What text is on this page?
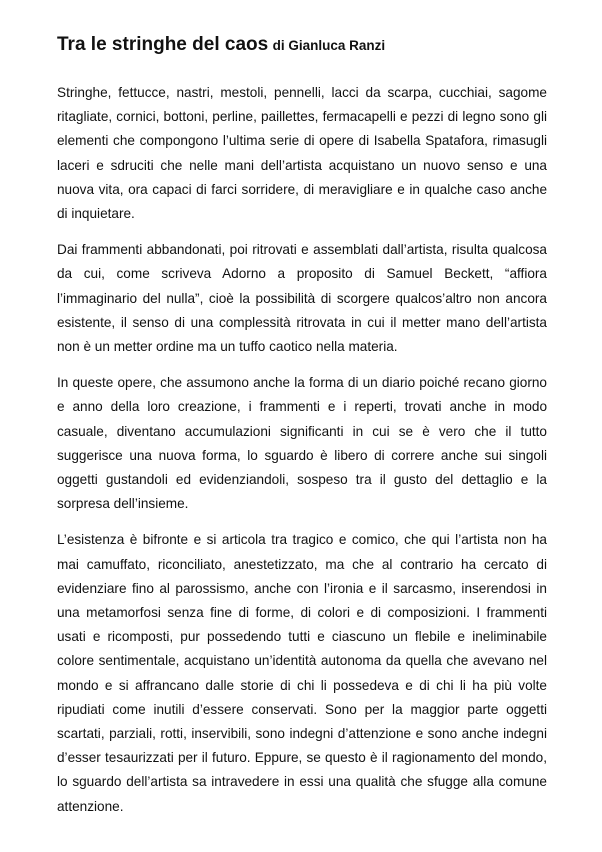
Tra le stringhe del caos di Gianluca Ranzi

Stringhe, fettucce, nastri, mestoli, pennelli, lacci da scarpa, cucchiai, sagome ritagliate, cornici, bottoni, perline, paillettes, fermacapelli e pezzi di legno sono gli elementi che compongono l’ultima serie di opere di Isabella Spatafora, rimasugli laceri e sdruciti che nelle mani dell’artista acquistano un nuovo senso e una nuova vita, ora capaci di farci sorridere, di meravigliare e in qualche caso anche di inquietare.

Dai frammenti abbandonati, poi ritrovati e assemblati dall’artista, risulta qualcosa da cui, come scriveva Adorno a proposito di Samuel Beckett, “affiora l’immaginario del nulla”, cioè la possibilità di scorgere qualcos’altro non ancora esistente, il senso di una complessità ritrovata in cui il metter mano dell’artista non è un metter ordine ma un tuffo caotico nella materia.

In queste opere, che assumono anche la forma di un diario poiché recano giorno e anno della loro creazione, i frammenti e i reperti, trovati anche in modo casuale, diventano accumulazioni significanti in cui se è vero che il tutto suggerisce una nuova forma, lo sguardo è libero di correre anche sui singoli oggetti gustandoli ed evidenziandoli, sospeso tra il gusto del dettaglio e la sorpresa dell’insieme.

L’esistenza è bifronte e si articola tra tragico e comico, che qui l’artista non ha mai camuffato, riconciliato, anestetizzato, ma che al contrario ha cercato di evidenziare fino al parossismo, anche con l’ironia e il sarcasmo, inserendosi in una metamorfosi senza fine di forme, di colori e di composizioni. I frammenti usati e ricomposti, pur possedendo tutti e ciascuno un flebile e ineliminabile colore sentimentale, acquistano un’identità autonoma da quella che avevano nel mondo e si affrancano dalle storie di chi li possedeva e di chi li ha più volte ripudiati come inutili d’essere conservati. Sono per la maggior parte oggetti scartati, parziali, rotti, inservibili, sono indegni d’attenzione e sono anche indegni d’esser tesaurizzati per il futuro. Eppure, se questo è il ragionamento del mondo, lo sguardo dell’artista sa intravedere in essi una qualità che sfugge alla comune attenzione.
